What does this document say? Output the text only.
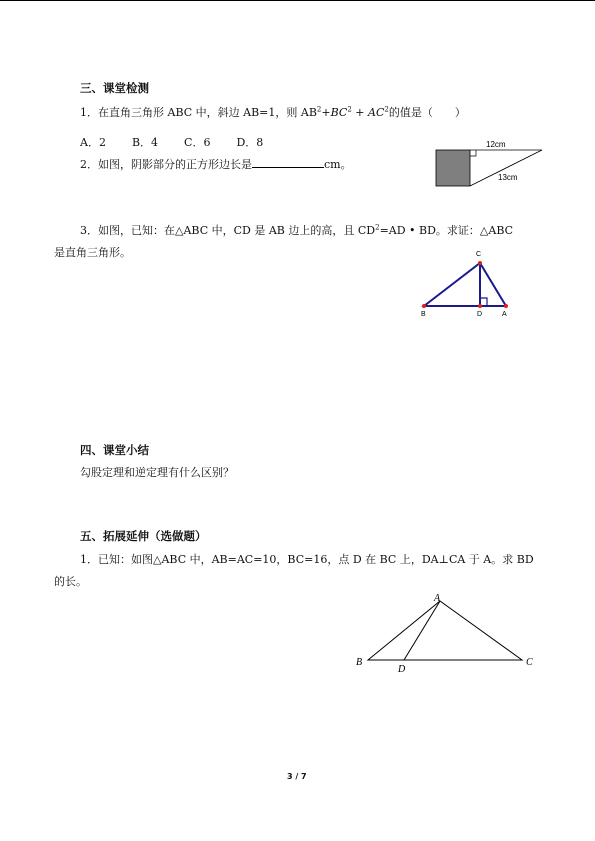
三、课堂检测
1．在直角三角形 ABC 中，斜边 AB=1，则 $AB^2+BC^2 + AC^2$的值是（　　）
A．2 B．4 C．6 D．8
2．如图，阴影部分的正方形边长是	cm。
12cm
13cm
3．如图，已知：在△ABC 中，CD 是 AB 边上的高，且 $CD^2=AD$ • BD。求证：△ABC
是直角三角形。	C
B	D	A
四、课堂小结
勾股定理和逆定理有什么区别？
五、拓展延伸（选做题）
1．已知：如图△ABC 中，AB=AC=10，BC=16，点 D 在 BC 上，DA⊥CA 于 A。求 BD
的长。
A
B	C
D
3 / 7
